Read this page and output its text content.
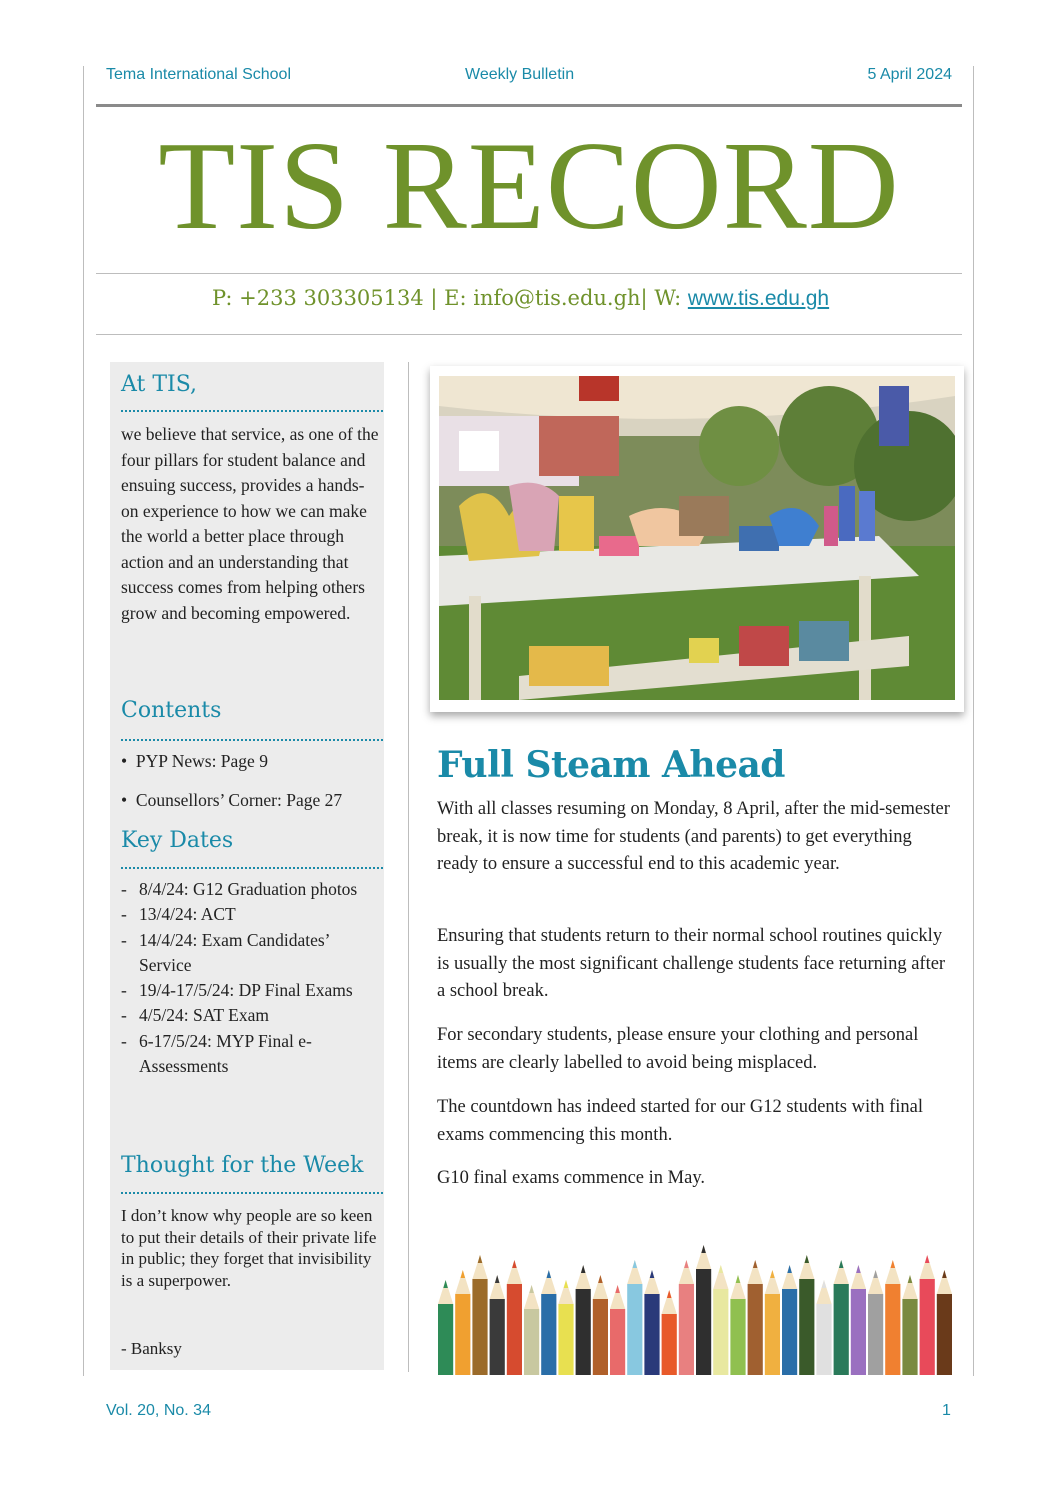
Tema International School	Weekly Bulletin	5 April 2024
TIS RECORD
P: +233 303305134 | E: info@tis.edu.gh| W: www.tis.edu.gh
At TIS,
we believe that service, as one of the four pillars for student balance and ensuing success, provides a hands-on experience to how we can make the world a better place through action and an understanding that success comes from helping others grow and becoming empowered.
Contents
•  PYP News: Page 9
•  Counsellors’ Corner: Page 27
Key Dates
- 8/4/24: G12 Graduation photos
- 13/4/24: ACT
- 14/4/24: Exam Candidates’ Service
- 19/4-17/5/24: DP Final Exams
- 4/5/24: SAT Exam
- 6-17/5/24: MYP Final e-Assessments
Thought for the Week
I don’t know why people are so keen to put their details of their private life in public; they forget that invisibility is a superpower.
- Banksy
Full Steam Ahead
With all classes resuming on Monday, 8 April, after the mid-semester break, it is now time for students (and parents) to get everything ready to ensure a successful end to this academic year.
Ensuring that students return to their normal school routines quickly is usually the most significant challenge students face returning after a school break.
For secondary students, please ensure your clothing and personal items are clearly labelled to avoid being misplaced.
The countdown has indeed started for our G12 students with final exams commencing this month.
G10 final exams commence in May.
Vol. 20, No. 34	1
